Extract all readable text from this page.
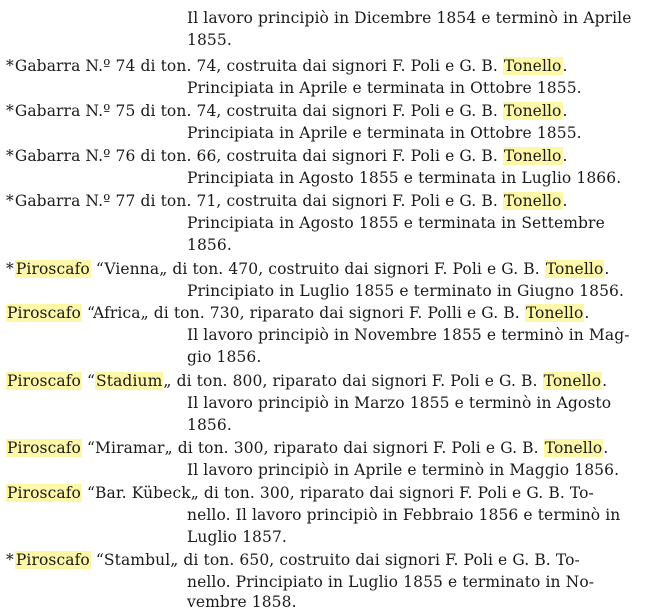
Il lavoro principiò in Dicembre 1854 e terminò in Aprile
1855.
*Gabarra N.º 74 di ton. 74, costruita dai signori F. Poli e G. B. Tonello.
Principiata in Aprile e terminata in Ottobre 1855.
*Gabarra N.º 75 di ton. 74, costruita dai signori F. Poli e G. B. Tonello.
Principiata in Aprile e terminata in Ottobre 1855.
*Gabarra N.º 76 di ton. 66, costruita dai signori F. Poli e G. B. Tonello.
Principiata in Agosto 1855 e terminata in Luglio 1866.
*Gabarra N.º 77 di ton. 71, costruita dai signori F. Poli e G. B. Tonello.
Principiata in Agosto 1855 e terminata in Settembre
1856.
* Piroscafo “Vienna„ di ton. 470, costruito dai signori F. Poli e G. B. Tonello.
Principiato in Luglio 1855 e terminato in Giugno 1856.
Piroscafo “Africa„ di ton. 730, riparato dai signori F. Polli e G. B. Tonello.
Il lavoro principiò in Novembre 1855 e terminò in Mag-
gio 1856.
Piroscafo “Stadium„ di ton. 800, riparato dai signori F. Poli e G. B. Tonello.
Il lavoro principiò in Marzo 1855 e terminò in Agosto
1856.
Piroscafo “Miramar„ di ton. 300, riparato dai signori F. Poli e G. B. Tonello.
Il lavoro principiò in Aprile e terminò in Maggio 1856.
Piroscafo “Bar. Kübeck„ di ton. 300, riparato dai signori F. Poli e G. B. To-
nello. Il lavoro principiò in Febbraio 1856 e terminò in
Luglio 1857.
* Piroscafo “Stambul„ di ton. 650, costruito dai signori F. Poli e G. B. To-
nello. Principiato in Luglio 1855 e terminato in No-
vembre 1858.
